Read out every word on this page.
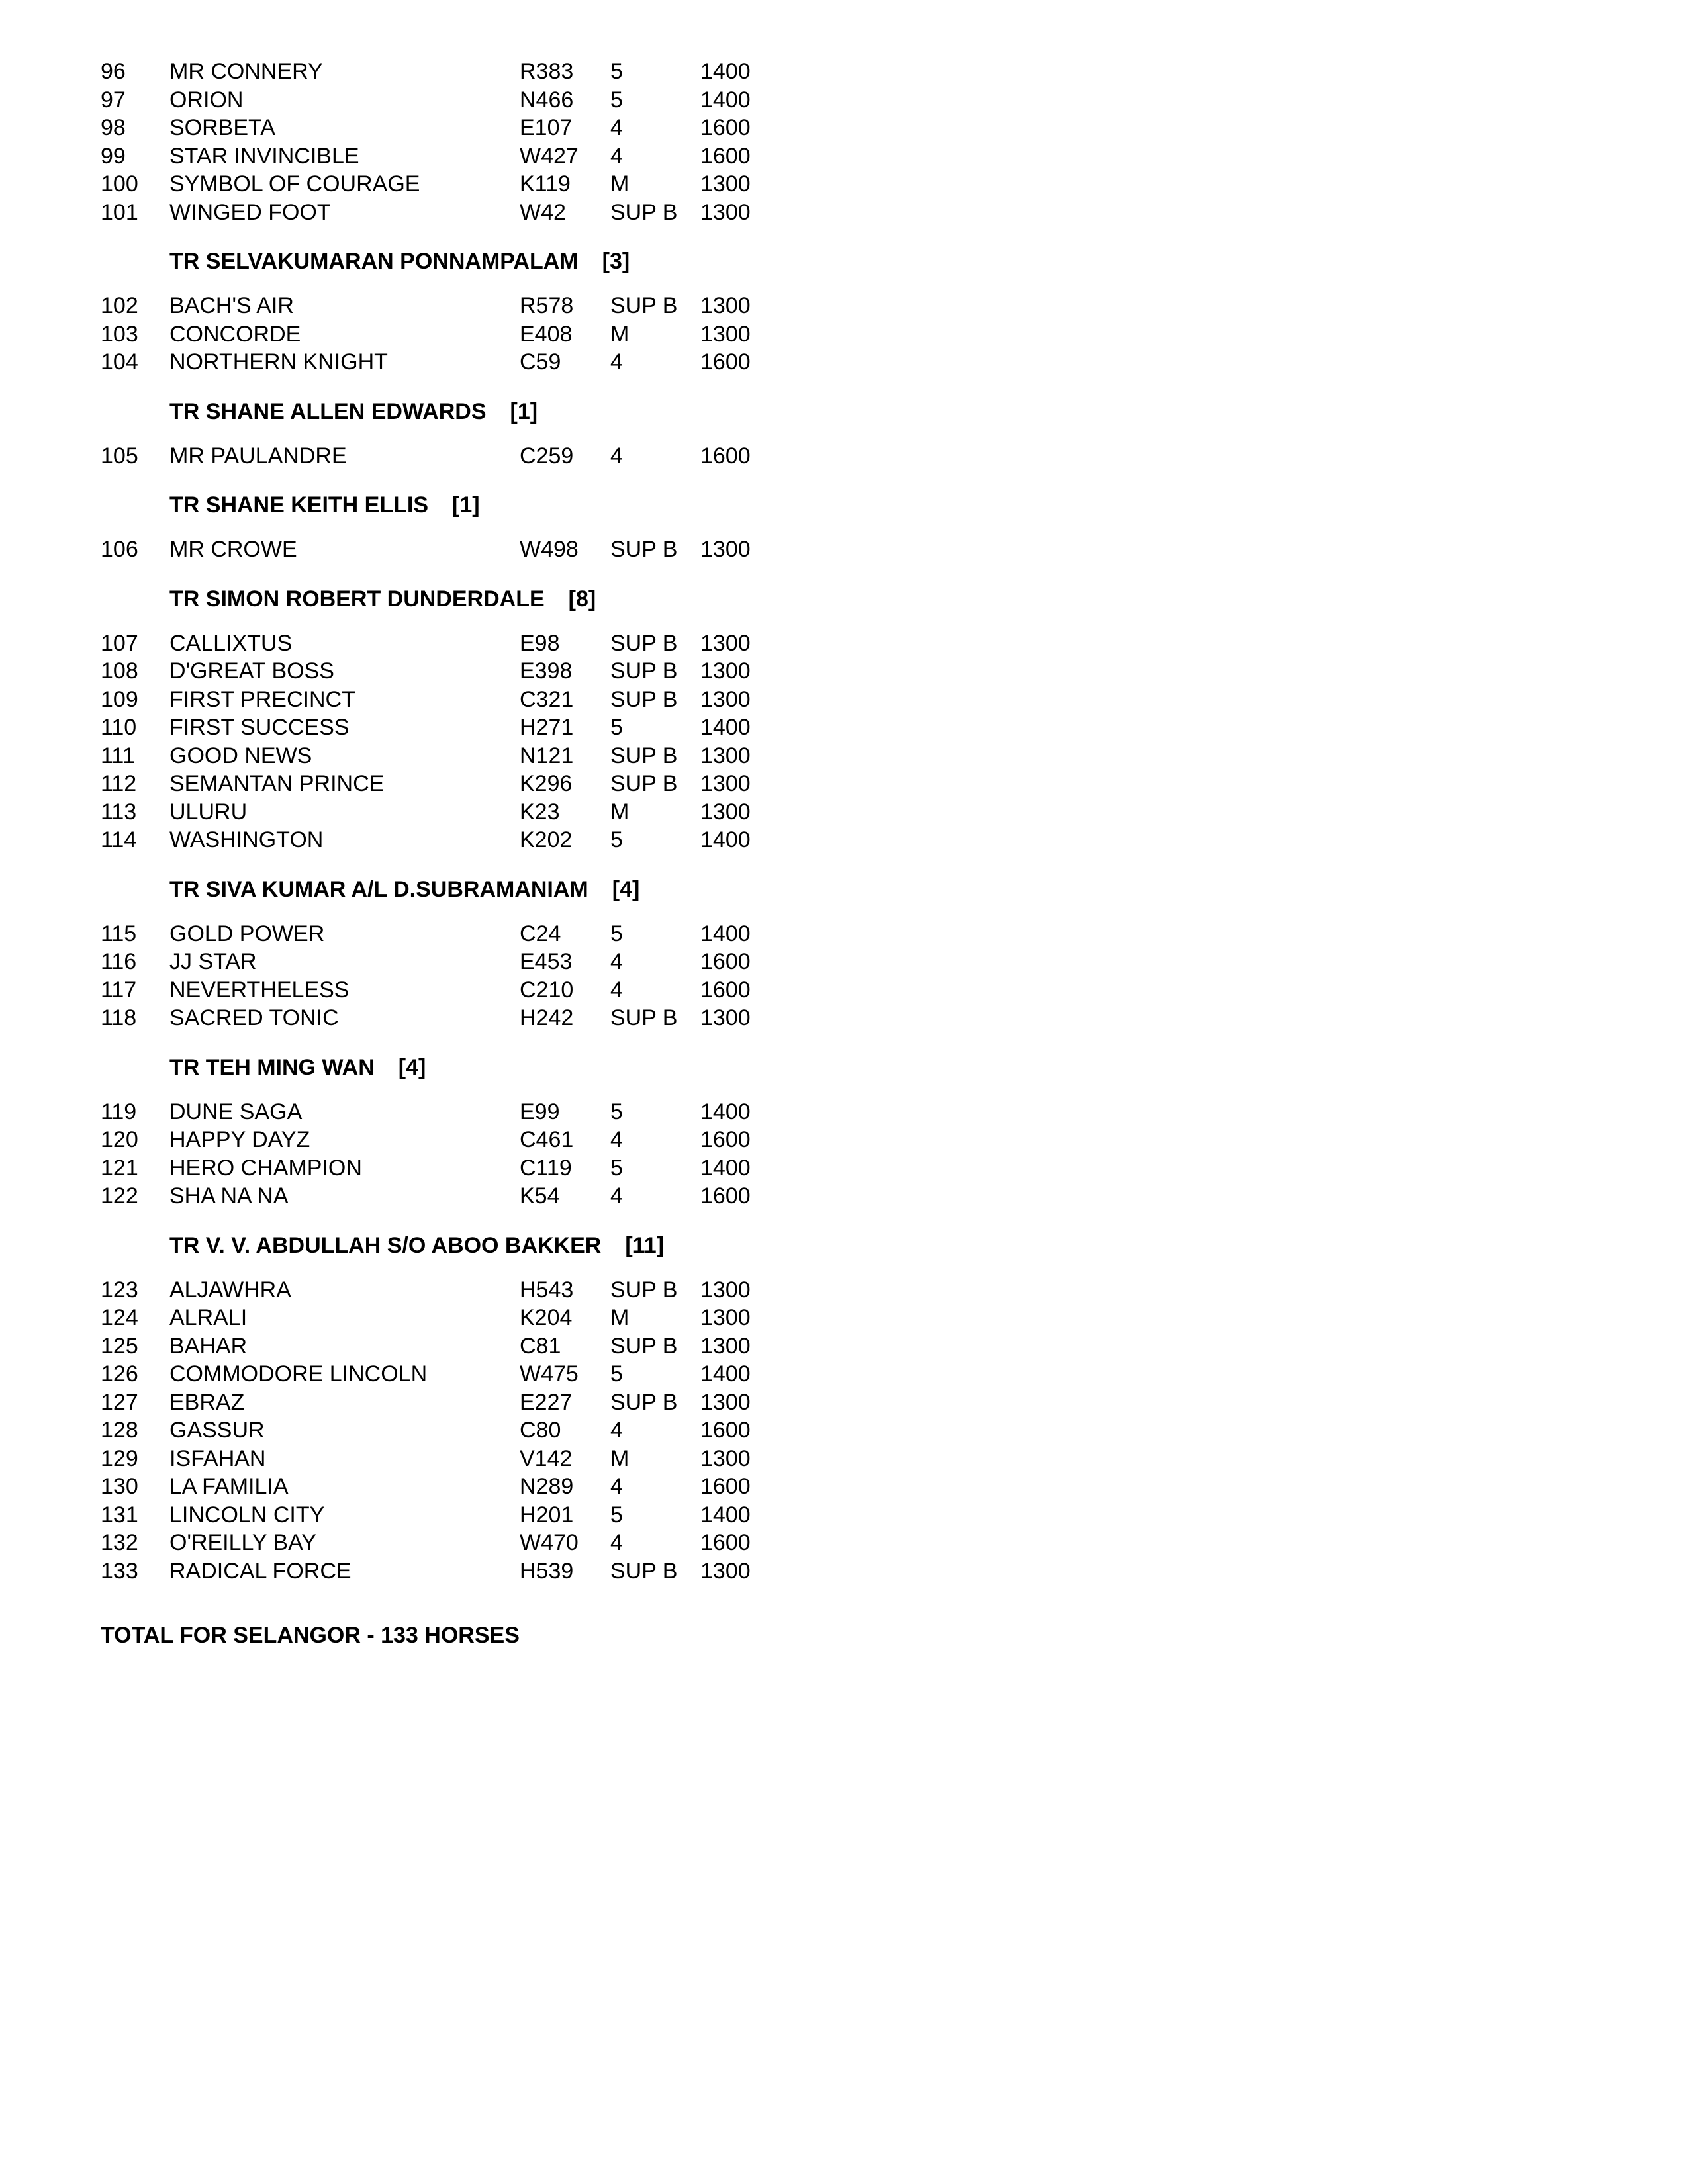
96 MR CONNERY	R383 5	1400
97 ORION	N466 5	1400
98 SORBETA	E107 4	1600
99 STAR INVINCIBLE	W427 4	1600
100 SYMBOL OF COURAGE	K119 M	1300
101 WINGED FOOT	W42 SUP B 1300
TR SELVAKUMARAN PONNAMPALAM [3]
102 BACH'S AIR	R578 SUP B 1300
103 CONCORDE	E408 M	1300
104 NORTHERN KNIGHT	C59 4	1600
TR SHANE ALLEN EDWARDS [1]
105 MR PAULANDRE	C259 4	1600
TR SHANE KEITH ELLIS [1]
106 MR CROWE	W498 SUP B 1300
TR SIMON ROBERT DUNDERDALE [8]
107 CALLIXTUS	E98 SUP B 1300
108 D'GREAT BOSS	E398 SUP B 1300
109 FIRST PRECINCT	C321 SUP B 1300
110 FIRST SUCCESS	H271 5	1400
111 GOOD NEWS	N121 SUP B 1300
112 SEMANTAN PRINCE	K296 SUP B 1300
113 ULURU	K23 M	1300
114 WASHINGTON	K202 5	1400
TR SIVA KUMAR A/L D.SUBRAMANIAM [4]
115 GOLD POWER	C24 5	1400
116 JJ STAR	E453 4	1600
117 NEVERTHELESS	C210 4	1600
118 SACRED TONIC	H242 SUP B 1300
TR TEH MING WAN [4]
119 DUNE SAGA	E99 5	1400
120 HAPPY DAYZ	C461 4	1600
121 HERO CHAMPION	C119 5	1400
122 SHA NA NA	K54 4	1600
TR V. V. ABDULLAH S/O ABOO BAKKER [11]
123 ALJAWHRA	H543 SUP B 1300
124 ALRALI	K204 M	1300
125 BAHAR	C81 SUP B 1300
126 COMMODORE LINCOLN	W475 5	1400
127 EBRAZ	E227 SUP B 1300
128 GASSUR	C80 4	1600
129 ISFAHAN	V142 M	1300
130 LA FAMILIA	N289 4	1600
131 LINCOLN CITY	H201 5	1400
132 O'REILLY BAY	W470 4	1600
133 RADICAL FORCE	H539 SUP B 1300
TOTAL FOR SELANGOR - 133 HORSES
